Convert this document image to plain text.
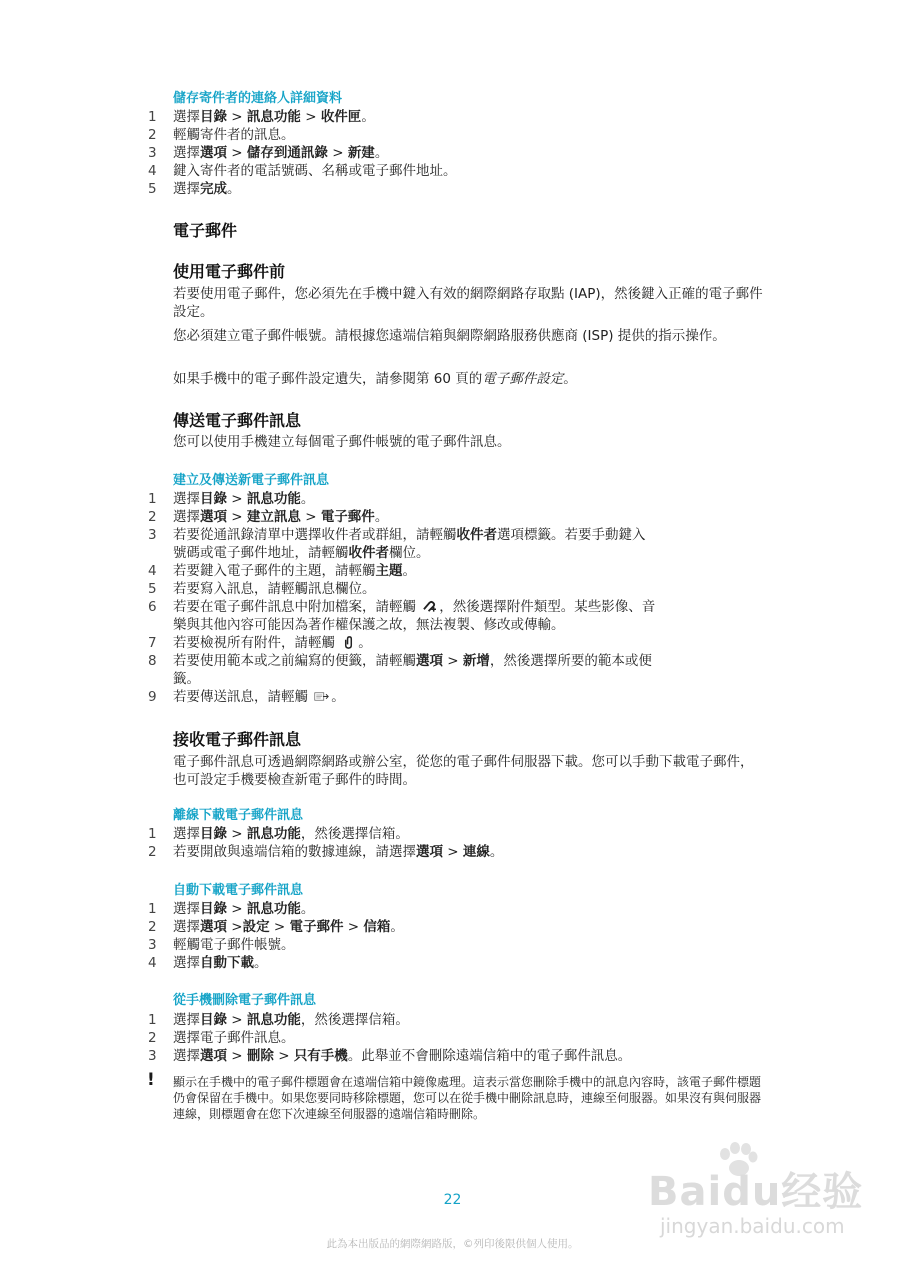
儲存寄件者的連絡人詳細資料
1	選擇目錄 > 訊息功能 > 收件匣。
2	輕觸寄件者的訊息。
3	選擇選項 > 儲存到通訊錄 > 新建。
4	鍵入寄件者的電話號碼、名稱或電子郵件地址。
5	選擇完成。
電子郵件
使用電子郵件前
若要使用電子郵件，您必須先在手機中鍵入有效的網際網路存取點 (IAP)，然後鍵入正確的電子郵件設定。
您必須建立電子郵件帳號。請根據您遠端信箱與網際網路服務供應商 (ISP) 提供的指示操作。
如果手機中的電子郵件設定遺失，請參閱第 60 頁的電子郵件設定。
傳送電子郵件訊息
您可以使用手機建立每個電子郵件帳號的電子郵件訊息。
建立及傳送新電子郵件訊息
1	選擇目錄 > 訊息功能。
2	選擇選項 > 建立訊息 > 電子郵件。
3	若要從通訊錄清單中選擇收件者或群組，請輕觸收件者選項標籤。若要手動鍵入
號碼或電子郵件地址，請輕觸收件者欄位。
4	若要鍵入電子郵件的主題，請輕觸主題。
5	若要寫入訊息，請輕觸訊息欄位。
6	若要在電子郵件訊息中附加檔案，請輕觸 ，然後選擇附件類型。某些影像、音
樂與其他內容可能因為著作權保護之故，無法複製、修改或傳輸。
7	若要檢視所有附件，請輕觸 。
8	若要使用範本或之前編寫的便籤，請輕觸選項 > 新增，然後選擇所要的範本或便
籤。
9	若要傳送訊息，請輕觸 。
接收電子郵件訊息
電子郵件訊息可透過網際網路或辦公室，從您的電子郵件伺服器下載。您可以手動下載電子郵件，也可設定手機要檢查新電子郵件的時間。
離線下載電子郵件訊息
1	選擇目錄 > 訊息功能，然後選擇信箱。
2	若要開啟與遠端信箱的數據連線，請選擇選項 > 連線。
自動下載電子郵件訊息
1	選擇目錄 > 訊息功能。
2	選擇選項 >設定 > 電子郵件 > 信箱。
3	輕觸電子郵件帳號。
4	選擇自動下載。
從手機刪除電子郵件訊息
1	選擇目錄 > 訊息功能，然後選擇信箱。
2	選擇電子郵件訊息。
3	選擇選項 > 刪除 > 只有手機。此舉並不會刪除遠端信箱中的電子郵件訊息。
! 顯示在手機中的電子郵件標題會在遠端信箱中鏡像處理。這表示當您刪除手機中的訊息內容時，該電子郵件標題仍會保留在手機中。如果您要同時移除標題，您可以在從手機中刪除訊息時，連線至伺服器。如果沒有與伺服器連線，則標題會在您下次連線至伺服器的遠端信箱時刪除。
22
此為本出版品的網際網路版，©列印後限供個人使用。
Baidu经验
jingyan.baidu.com
